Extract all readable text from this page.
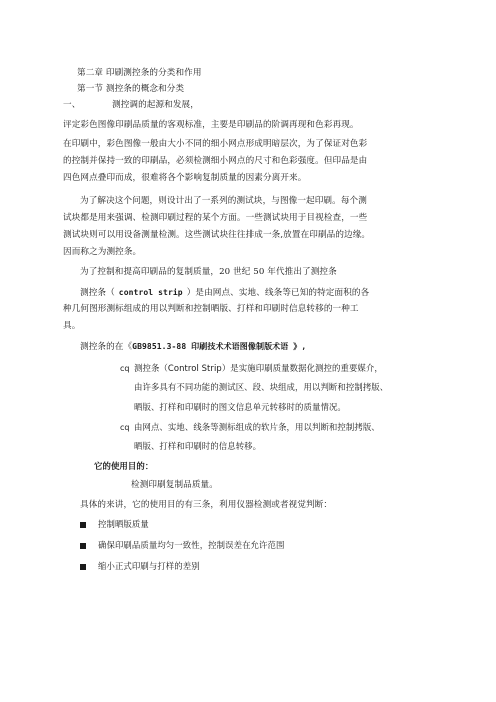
第二章 印刷测控条的分类和作用
第一节 测控条的概念和分类
一、	测控调的起源和发展，
评定彩色图像印刷品质量的客观标准，主要是印刷品的阶调再现和色彩再现。
在印刷中，彩色图像一般由大小不同的细小网点形成明暗层次，为了保证对色彩
的控制并保持一致的印刷品，必须检测细小网点的尺寸和色彩强度。但印品是由
四色网点叠印而成，很难将各个影响复制质量的因素分离开来。
为了解决这个问题，则设计出了一系列的测试块，与图像一起印刷。每个测
试块都是用来强调、检测印刷过程的某个方面。一些测试块用于目视检查，一些
测试块则可以用设备测量检测。这些测试块往往排成一条,放置在印刷品的边缘。
因而称之为测控条。
为了控制和提高印刷品的复制质量，20 世纪 50 年代推出了测控条
测控条（ control strip ）是由网点、实地、线条等已知的特定面积的各
种几何图形测标组成的用以判断和控制晒版、打样和印刷时信息转移的一种工
具。
测控条的在《GB9851.3-88 印刷技术术语图像制版术语 》,
cq 测控条（Control Strip）是实施印刷质量数据化测控的重要媒介，
由许多具有不同功能的测试区、段、块组成，用以判断和控制拷版、
晒版、打样和印刷时的图文信息单元转移时的质量情况。
cq 由网点、实地、线条等测标组成的软片条，用以判断和控制拷版、
晒版、打样和印刷时的信息转移。
它的使用目的：
检测印刷复制品质量。
具体的来讲，它的使用目的有三条，利用仪器检测或者视觉判断：
控制晒版质量
确保印刷品质量均匀一致性，控制误差在允许范围
缩小正式印刷与打样的差别
